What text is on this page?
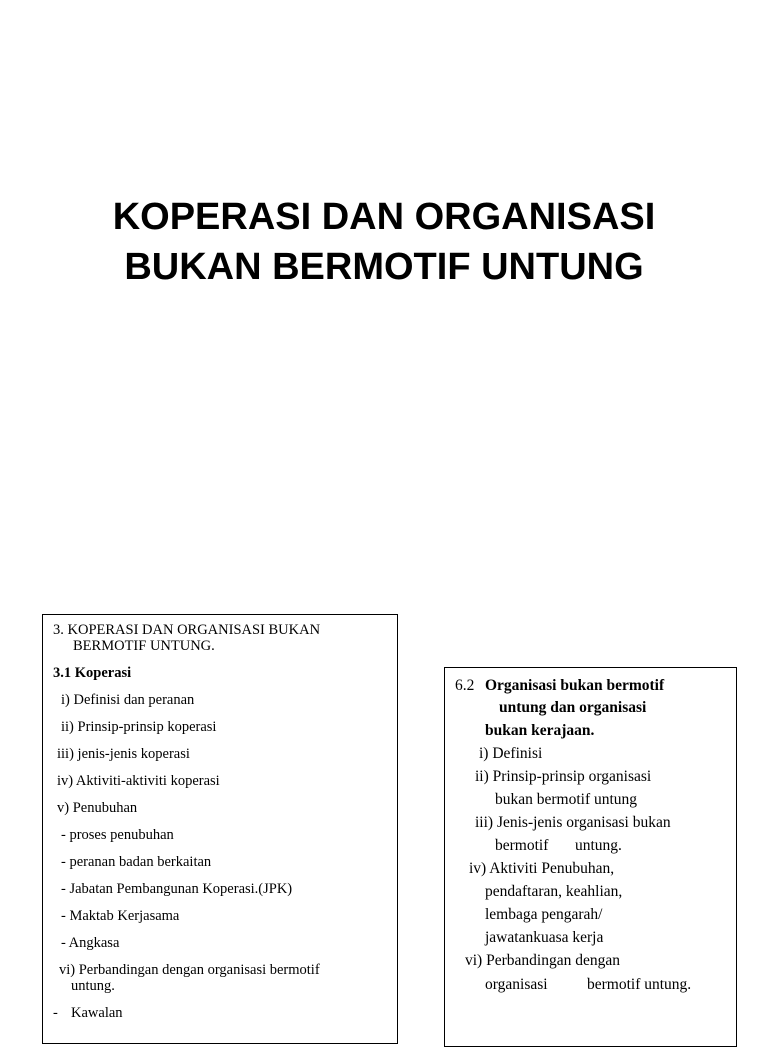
KOPERASI DAN ORGANISASI
BUKAN BERMOTIF UNTUNG
3. KOPERASI DAN ORGANISASI BUKAN
BERMOTIF UNTUNG.
3.1 Koperasi
i) Definisi dan peranan
ii) Prinsip-prinsip koperasi
iii) jenis-jenis koperasi
iv) Aktiviti-aktiviti koperasi
v) Penubuhan
- proses penubuhan
- peranan badan berkaitan
- Jabatan Pembangunan Koperasi.(JPK)
- Maktab Kerjasama
- Angkasa
vi) Perbandingan dengan organisasi bermotif
untung.
- Kawalan
6.2 Organisasi bukan bermotif
untung dan organisasi
bukan kerajaan.
i) Definisi
ii) Prinsip-prinsip organisasi
bukan bermotif untung
iii) Jenis-jenis organisasi bukan
bermotif untung.
iv) Aktiviti Penubuhan,
pendaftaran, keahlian,
lembaga pengarah/
jawatankuasa kerja
vi) Perbandingan dengan
organisasi	bermotif untung.
